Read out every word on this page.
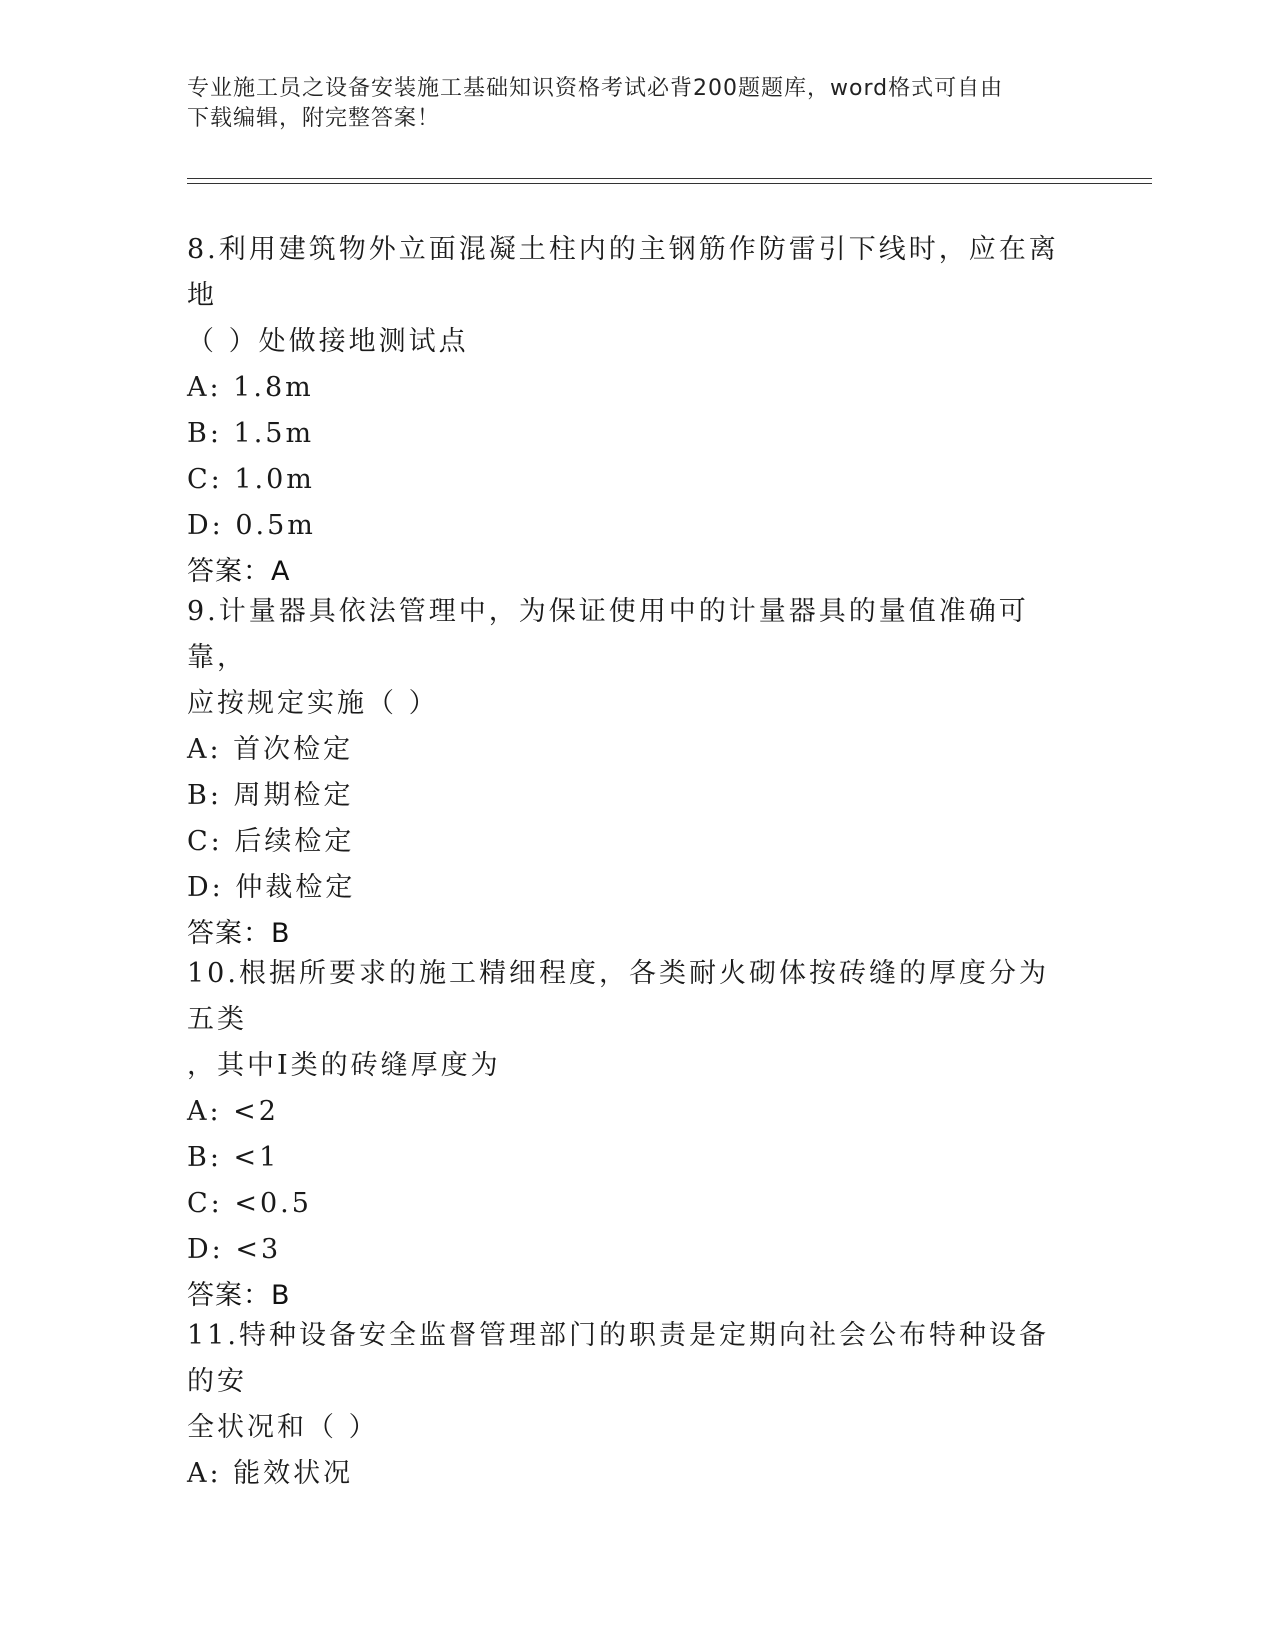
专业施工员之设备安装施工基础知识资格考试必背200题题库，word格式可自由
下载编辑，附完整答案！
8.利用建筑物外立面混凝土柱内的主钢筋作防雷引下线时，应在离地
（ ）处做接地测试点
A: 1.8m
B: 1.5m
C: 1.0m
D: 0.5m
答案：A
9.计量器具依法管理中，为保证使用中的计量器具的量值准确可靠，
应按规定实施（ ）
A: 首次检定
B: 周期检定
C: 后续检定
D: 仲裁检定
答案：B
10.根据所要求的施工精细程度，各类耐火砌体按砖缝的厚度分为五类
，其中Ⅰ类的砖缝厚度为
A: <2
B: <1
C: <0.5
D: <3
答案：B
11.特种设备安全监督管理部门的职责是定期向社会公布特种设备的安
全状况和（ ）
A: 能效状况
